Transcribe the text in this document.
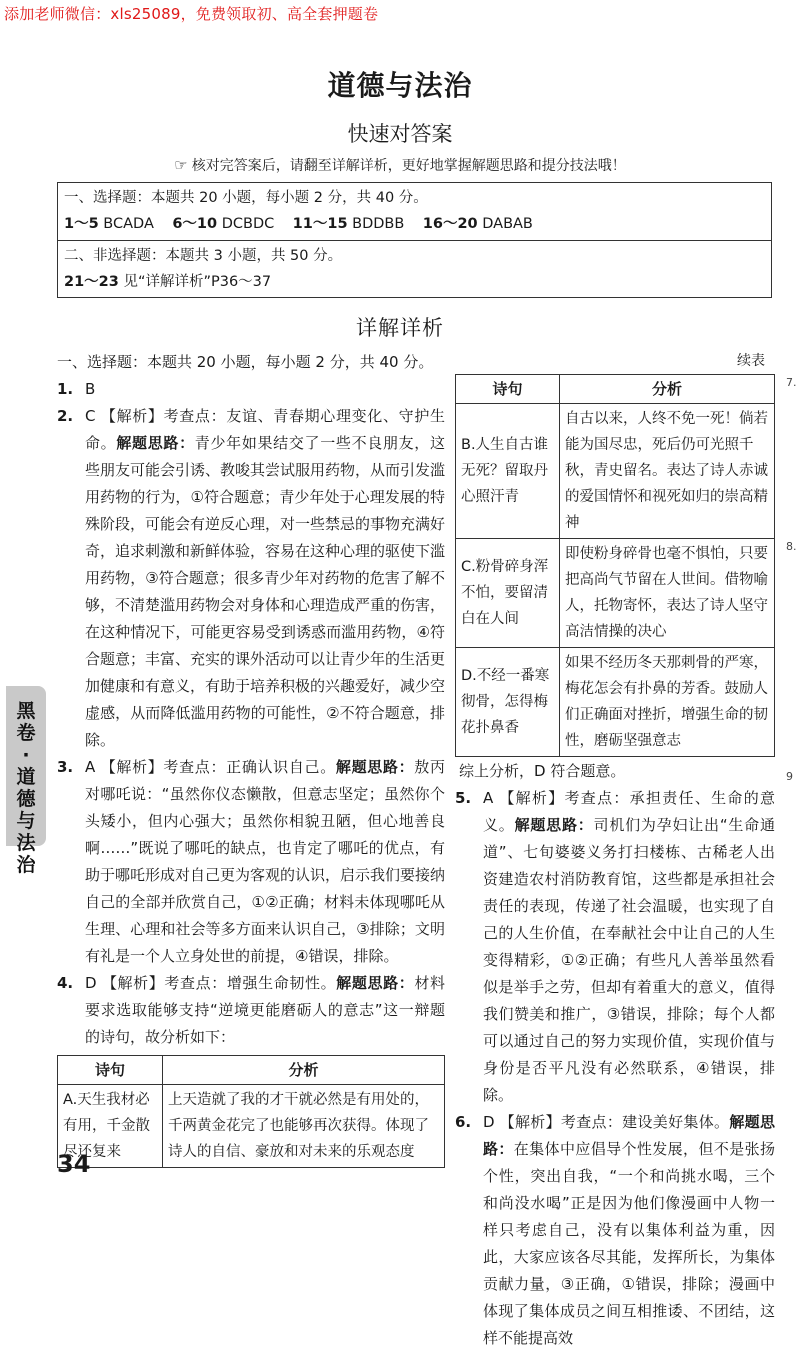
添加老师微信：xls25089，免费领取初、高全套押题卷
道德与法治
快速对答案
☞ 核对完答案后，请翻至详解详析，更好地掌握解题思路和提分技法哦！
一、选择题：本题共 20 小题，每小题 2 分，共 40 分。
1～5 BCADA 6～10 DCBDC 11～15 BDDBB 16～20 DABAB
二、非选择题：本题共 3 小题，共 50 分。
21～23 见“详解详析”P36～37
详解详析
一、选择题：本题共 20 小题，每小题 2 分，共 40 分。
1. B
2. C 【解析】考查点：友谊、青春期心理变化、守护生命。解题思路：青少年如果结交了一些不良朋友，这些朋友可能会引诱、教唆其尝试服用药物，从而引发滥用药物的行为，①符合题意；青少年处于心理发展的特殊阶段，可能会有逆反心理，对一些禁忌的事物充满好奇，追求刺激和新鲜体验，容易在这种心理的驱使下滥用药物，③符合题意；很多青少年对药物的危害了解不够，不清楚滥用药物会对身体和心理造成严重的伤害，在这种情况下，可能更容易受到诱惑而滥用药物，④符合题意；丰富、充实的课外活动可以让青少年的生活更加健康和有意义，有助于培养积极的兴趣爱好，减少空虚感，从而降低滥用药物的可能性，②不符合题意，排除。
3. A 【解析】考查点：正确认识自己。解题思路：敖丙对哪吒说：“虽然你仪态懒散，但意志坚定；虽然你个头矮小，但内心强大；虽然你相貌丑陋，但心地善良啊……”既说了哪吒的缺点，也肯定了哪吒的优点，有助于哪吒形成对自己更为客观的认识，启示我们要接纳自己的全部并欣赏自己，①②正确；材料未体现哪吒从生理、心理和社会等多方面来认识自己，③排除；文明有礼是一个人立身处世的前提，④错误，排除。
4. D 【解析】考查点：增强生命韧性。解题思路：材料要求选取能够支持“逆境更能磨砺人的意志”这一辩题的诗句，故分析如下：
诗句	分析
A.天生我材必有用，千金散尽还复来	上天造就了我的才干就必然是有用处的，千两黄金花完了也能够再次获得。体现了诗人的自信、豪放和对未来的乐观态度
续表
诗句	分析
B.人生自古谁无死？留取丹心照汗青	自古以来，人终不免一死！倘若能为国尽忠，死后仍可光照千秋，青史留名。表达了诗人赤诚的爱国情怀和视死如归的崇高精神
C.粉骨碎身浑不怕，要留清白在人间	即使粉身碎骨也毫不惧怕，只要把高尚气节留在人世间。借物喻人，托物寄怀，表达了诗人坚守高洁情操的决心
D.不经一番寒彻骨，怎得梅花扑鼻香	如果不经历冬天那刺骨的严寒，梅花怎会有扑鼻的芳香。鼓励人们正确面对挫折，增强生命的韧性，磨砺坚强意志
综上分析，D 符合题意。
5. A 【解析】考查点：承担责任、生命的意义。解题思路：司机们为孕妇让出“生命通道”、七旬婆婆义务打扫楼栋、古稀老人出资建造农村消防教育馆，这些都是承担社会责任的表现，传递了社会温暖，也实现了自己的人生价值，在奉献社会中让自己的人生变得精彩，①②正确；有些凡人善举虽然看似是举手之劳，但却有着重大的意义，值得我们赞美和推广，③错误，排除；每个人都可以通过自己的努力实现价值，实现价值与身份是否平凡没有必然联系，④错误，排除。
6. D 【解析】考查点：建设美好集体。解题思路：在集体中应倡导个性发展，但不是张扬个性，突出自我，“一个和尚挑水喝，三个和尚没水喝”正是因为他们像漫画中人物一样只考虑自己，没有以集体利益为重，因此，大家应该各尽其能，发挥所长，为集体贡献力量，③正确，①错误，排除；漫画中体现了集体成员之间互相推诿、不团结，这样不能提高效
黑卷·道德与法治
34
7.
8.
9
